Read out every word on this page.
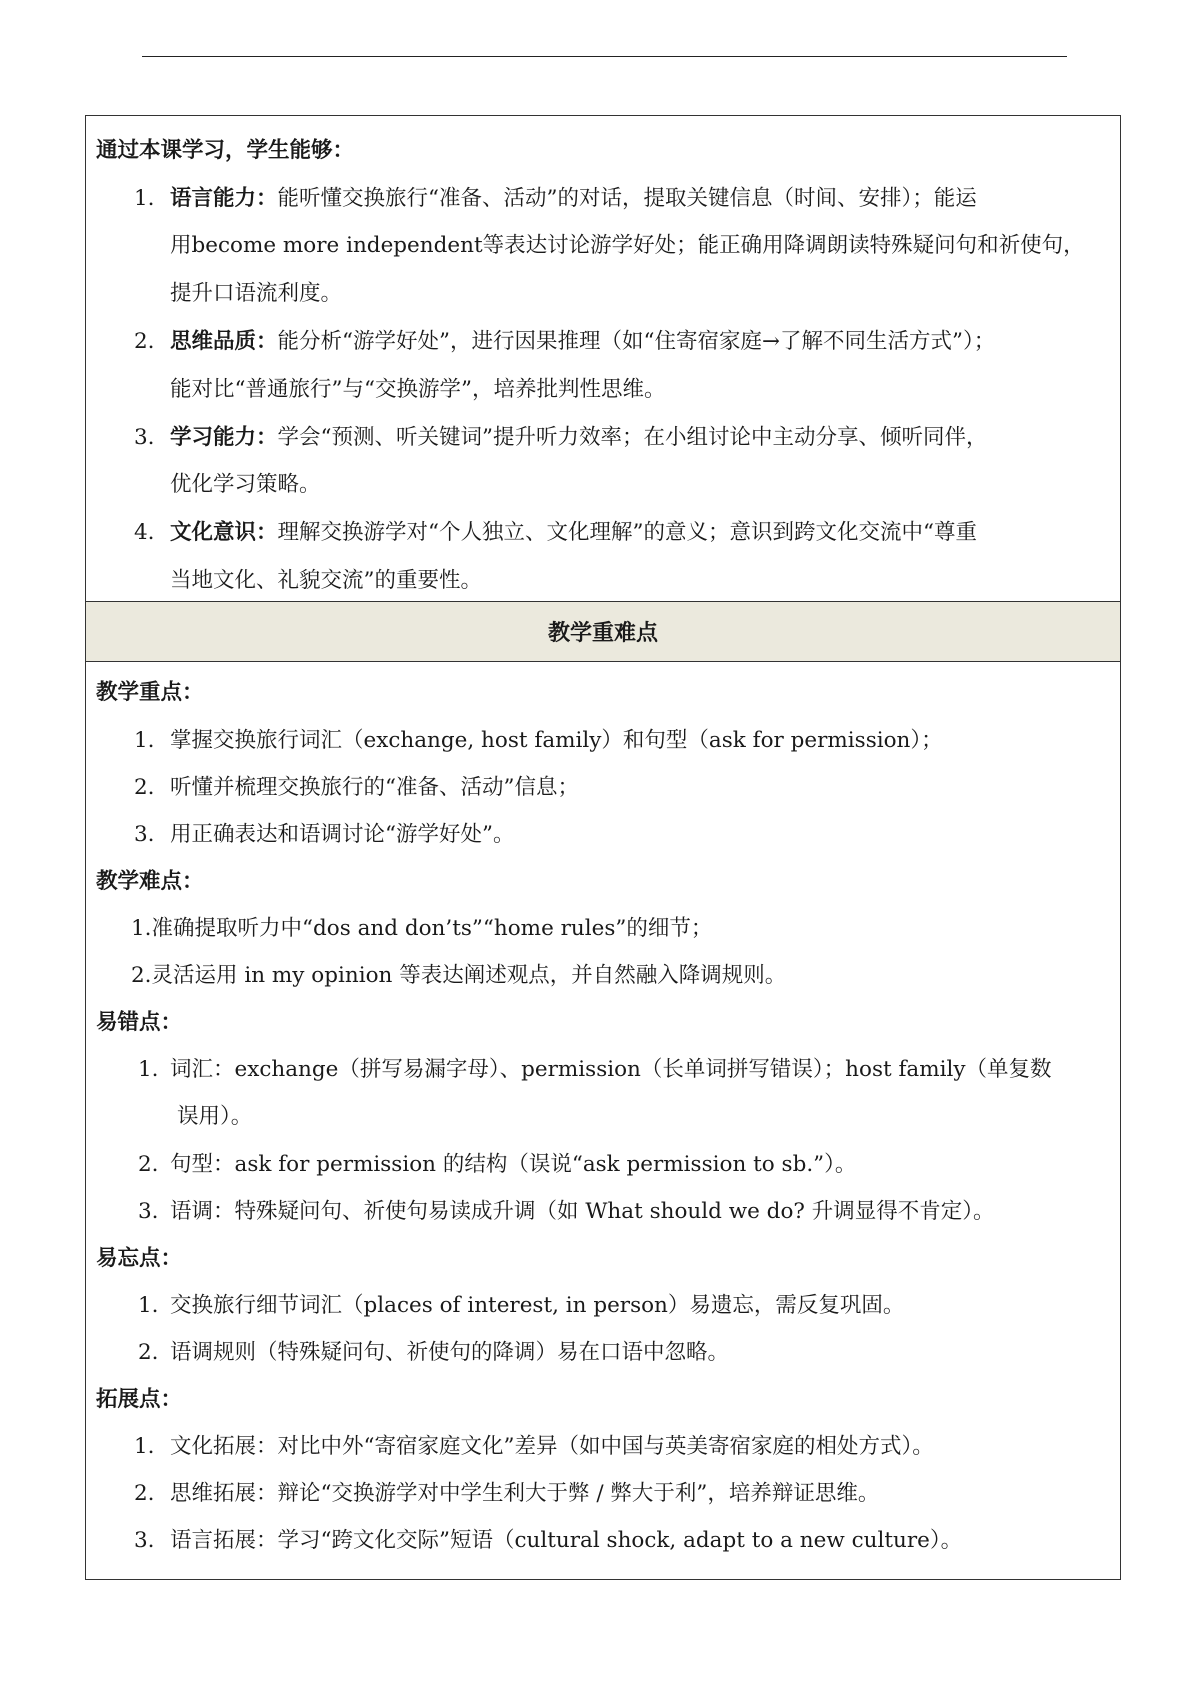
通过本课学习，学生能够：
1. 语言能力：能听懂交换旅行“准备、活动”的对话，提取关键信息（时间、安排）；能运
用become more independent等表达讨论游学好处；能正确用降调朗读特殊疑问句和祈使句，
提升口语流利度。
2. 思维品质：能分析“游学好处”，进行因果推理（如“住寄宿家庭→了解不同生活方式”）；
能对比“普通旅行”与“交换游学”，培养批判性思维。
3. 学习能力：学会“预测、听关键词”提升听力效率；在小组讨论中主动分享、倾听同伴，
优化学习策略。
4. 文化意识：理解交换游学对“个人独立、文化理解”的意义；意识到跨文化交流中“尊重
当地文化、礼貌交流”的重要性。
教学重难点
教学重点：
1. 掌握交换旅行词汇（exchange, host family）和句型（ask for permission）；
2. 听懂并梳理交换旅行的“准备、活动”信息；
3. 用正确表达和语调讨论“游学好处”。
教学难点：
1.准确提取听力中“dos and don’ts”“home rules”的细节；
2.灵活运用 in my opinion 等表达阐述观点，并自然融入降调规则。
易错点：
1. 词汇：exchange（拼写易漏字母）、permission（长单词拼写错误）；host family（单复数
误用）。
2. 句型：ask for permission 的结构（误说“ask permission to sb.”）。
3. 语调：特殊疑问句、祈使句易读成升调（如 What should we do? 升调显得不肯定）。
易忘点：
1. 交换旅行细节词汇（places of interest, in person）易遗忘，需反复巩固。
2. 语调规则（特殊疑问句、祈使句的降调）易在口语中忽略。
拓展点：
1. 文化拓展：对比中外“寄宿家庭文化”差异（如中国与英美寄宿家庭的相处方式）。
2. 思维拓展：辩论“交换游学对中学生利大于弊 / 弊大于利”，培养辩证思维。
3. 语言拓展：学习“跨文化交际”短语（cultural shock, adapt to a new culture）。
